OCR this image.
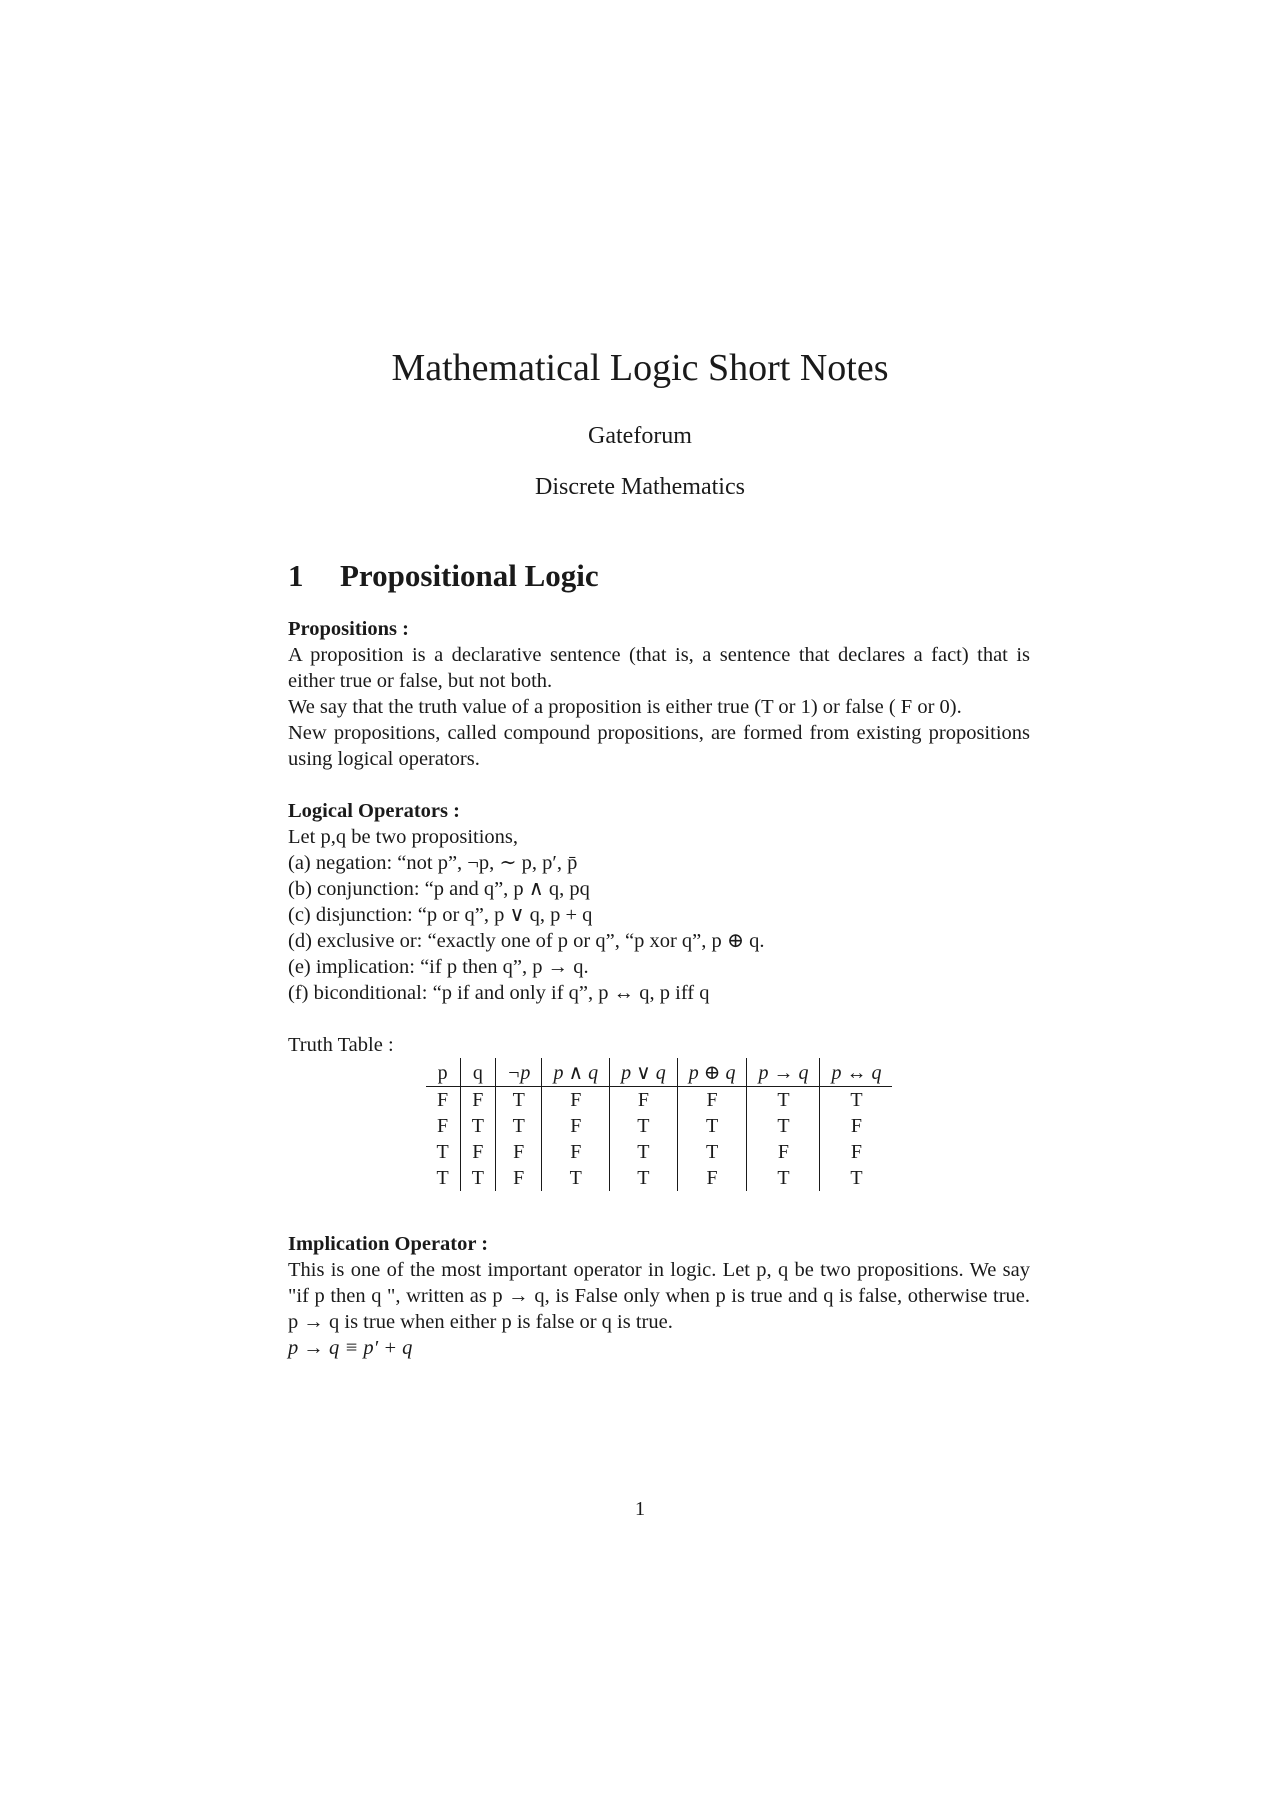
Mathematical Logic Short Notes
Gateforum
Discrete Mathematics
1 Propositional Logic
Propositions :

A proposition is a declarative sentence (that is, a sentence that declares a fact) that is either true or false, but not both.

We say that the truth value of a proposition is either true (T or 1) or false ( F or 0).

New propositions, called compound propositions, are formed from existing propositions using logical operators.

Logical Operators :

Let p,q be two propositions,

(a) negation: “not p”, ¬p, ∼ p, p′, p̄

(b) conjunction: “p and q”, p ∧ q, pq

(c) disjunction: “p or q”, p ∨ q, p + q

(d) exclusive or: “exactly one of p or q”, “p xor q”, p ⊕ q.

(e) implication: “if p then q”, p → q.

(f) biconditional: “p if and only if q”, p ↔ q, p iff q

Truth Table :

p	q	¬p	p ∧ q	p ∨ q	p ⊕ q	p → q	p ↔ q
F	F	T	F	F	F	T	T
F	T	T	F	T	T	T	F
T	F	F	F	T	T	F	F
T	T	F	T	T	F	T	T
Implication Operator :

This is one of the most important operator in logic. Let p, q be two propositions. We say "if p then q ", written as p → q, is False only when p is true and q is false, otherwise true. p → q is true when either p is false or q is true.

p → q ≡ p′ + q

1
